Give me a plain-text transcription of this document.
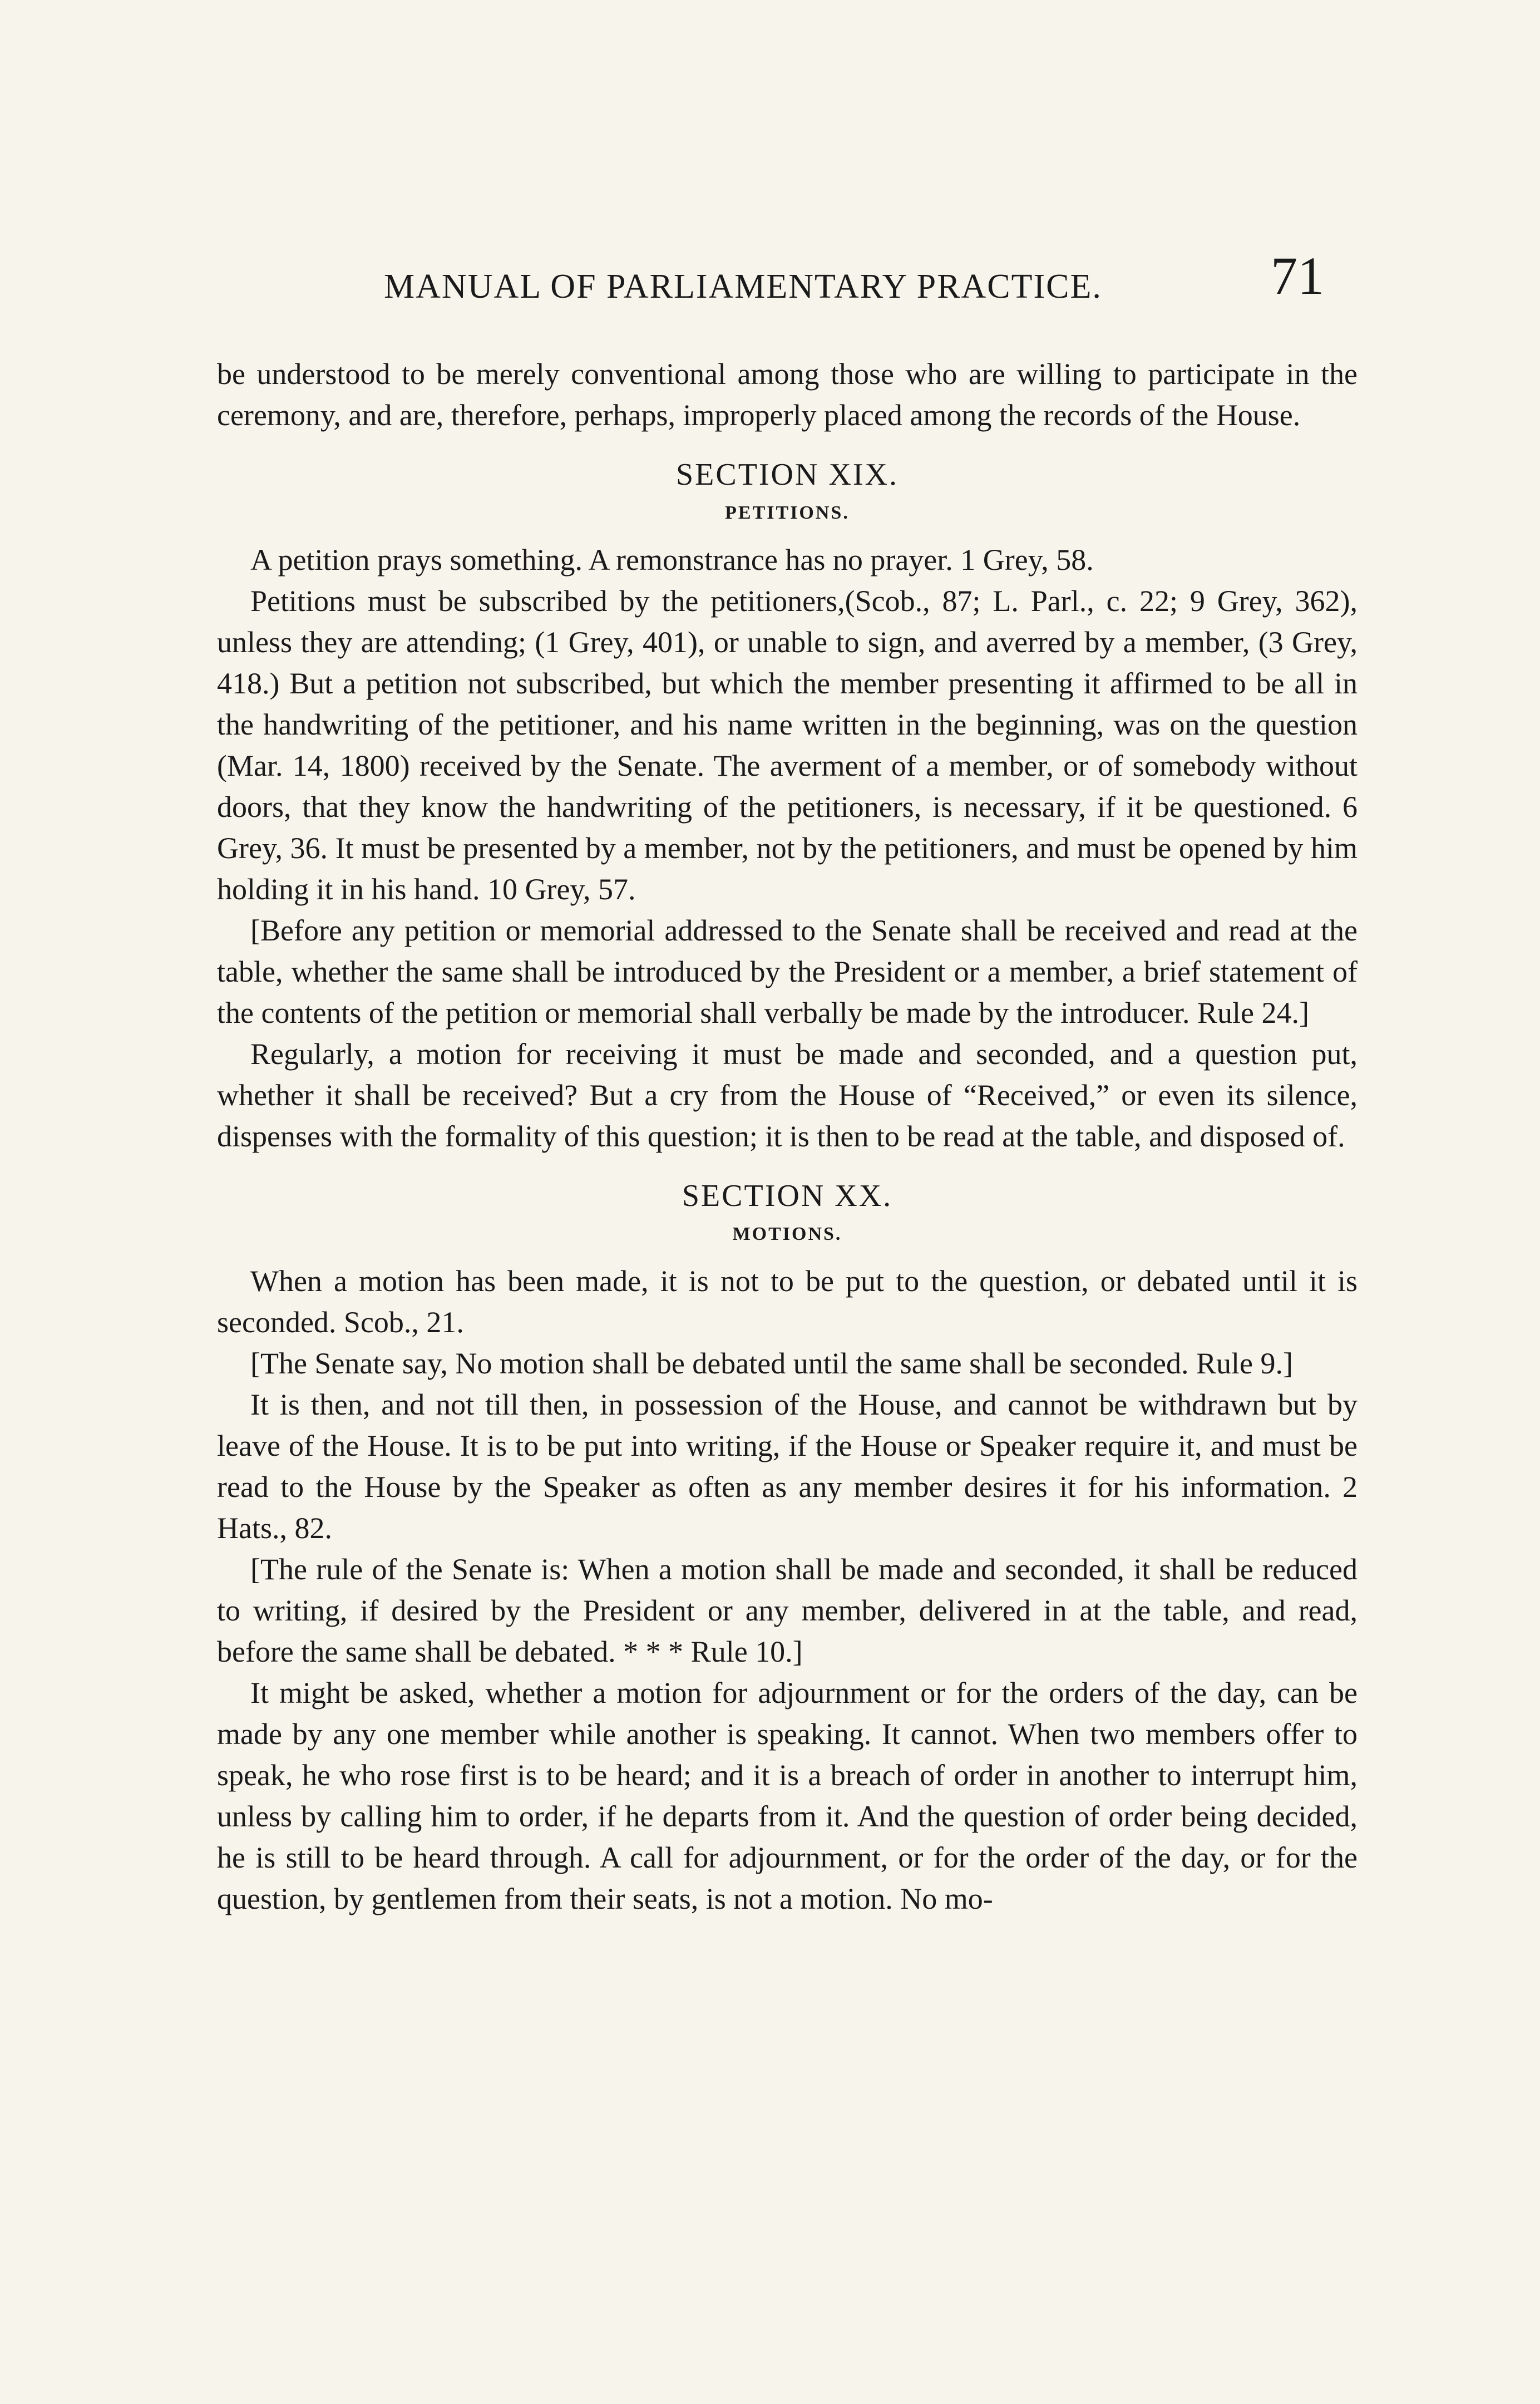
MANUAL OF PARLIAMENTARY PRACTICE.	71

be understood to be merely conventional among those who are willing to participate in the ceremony, and are, therefore, perhaps, improperly placed among the records of the House.

SECTION XIX.
PETITIONS.

A petition prays something. A remonstrance has no prayer. 1 Grey, 58.

Petitions must be subscribed by the petitioners,(Scob., 87; L. Parl., c. 22; 9 Grey, 362), unless they are attending; (1 Grey, 401), or unable to sign, and averred by a member, (3 Grey, 418.) But a petition not subscribed, but which the member presenting it affirmed to be all in the handwriting of the petitioner, and his name written in the beginning, was on the question (Mar. 14, 1800) received by the Senate. The averment of a member, or of somebody without doors, that they know the handwriting of the petitioners, is necessary, if it be questioned. 6 Grey, 36. It must be presented by a member, not by the petitioners, and must be opened by him holding it in his hand. 10 Grey, 57.

[Before any petition or memorial addressed to the Senate shall be received and read at the table, whether the same shall be introduced by the President or a member, a brief statement of the contents of the petition or memorial shall verbally be made by the introducer. Rule 24.]

Regularly, a motion for receiving it must be made and seconded, and a question put, whether it shall be received? But a cry from the House of “Received,” or even its silence, dispenses with the formality of this question; it is then to be read at the table, and disposed of.

SECTION XX.
MOTIONS.

When a motion has been made, it is not to be put to the question, or debated until it is seconded. Scob., 21.

[The Senate say, No motion shall be debated until the same shall be seconded. Rule 9.]

It is then, and not till then, in possession of the House, and cannot be withdrawn but by leave of the House. It is to be put into writing, if the House or Speaker require it, and must be read to the House by the Speaker as often as any member desires it for his information. 2 Hats., 82.

[The rule of the Senate is: When a motion shall be made and seconded, it shall be reduced to writing, if desired by the President or any member, delivered in at the table, and read, before the same shall be debated. * * * Rule 10.]

It might be asked, whether a motion for adjournment or for the orders of the day, can be made by any one member while another is speaking. It cannot. When two members offer to speak, he who rose first is to be heard; and it is a breach of order in another to interrupt him, unless by calling him to order, if he departs from it. And the question of order being decided, he is still to be heard through. A call for adjournment, or for the order of the day, or for the question, by gentlemen from their seats, is not a motion. No mo-
